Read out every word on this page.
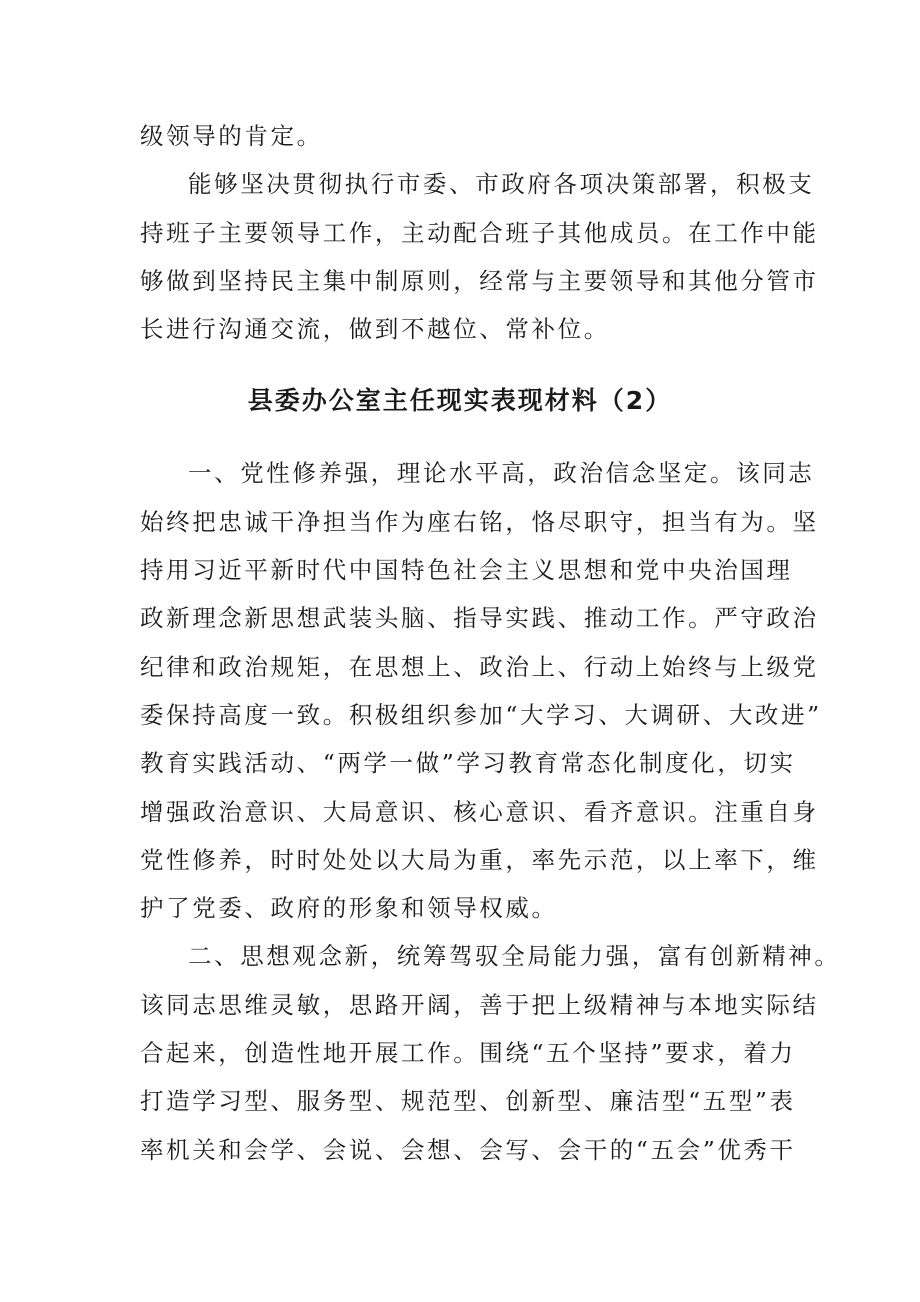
级领导的肯定。
能够坚决贯彻执行市委、市政府各项决策部署，积极支
持班子主要领导工作，主动配合班子其他成员。在工作中能
够做到坚持民主集中制原则，经常与主要领导和其他分管市
长进行沟通交流，做到不越位、常补位。
县委办公室主任现实表现材料（2）
一、党性修养强，理论水平高，政治信念坚定。该同志
始终把忠诚干净担当作为座右铭，恪尽职守，担当有为。坚
持用习近平新时代中国特色社会主义思想和党中央治国理
政新理念新思想武装头脑、指导实践、推动工作。严守政治
纪律和政治规矩，在思想上、政治上、行动上始终与上级党
委保持高度一致。积极组织参加“大学习、大调研、大改进”
教育实践活动、“两学一做”学习教育常态化制度化，切实
增强政治意识、大局意识、核心意识、看齐意识。注重自身
党性修养，时时处处以大局为重，率先示范，以上率下，维
护了党委、政府的形象和领导权威。
二、思想观念新，统筹驾驭全局能力强，富有创新精神。
该同志思维灵敏，思路开阔，善于把上级精神与本地实际结
合起来，创造性地开展工作。围绕“五个坚持”要求，着力
打造学习型、服务型、规范型、创新型、廉洁型“五型”表
率机关和会学、会说、会想、会写、会干的“五会”优秀干
